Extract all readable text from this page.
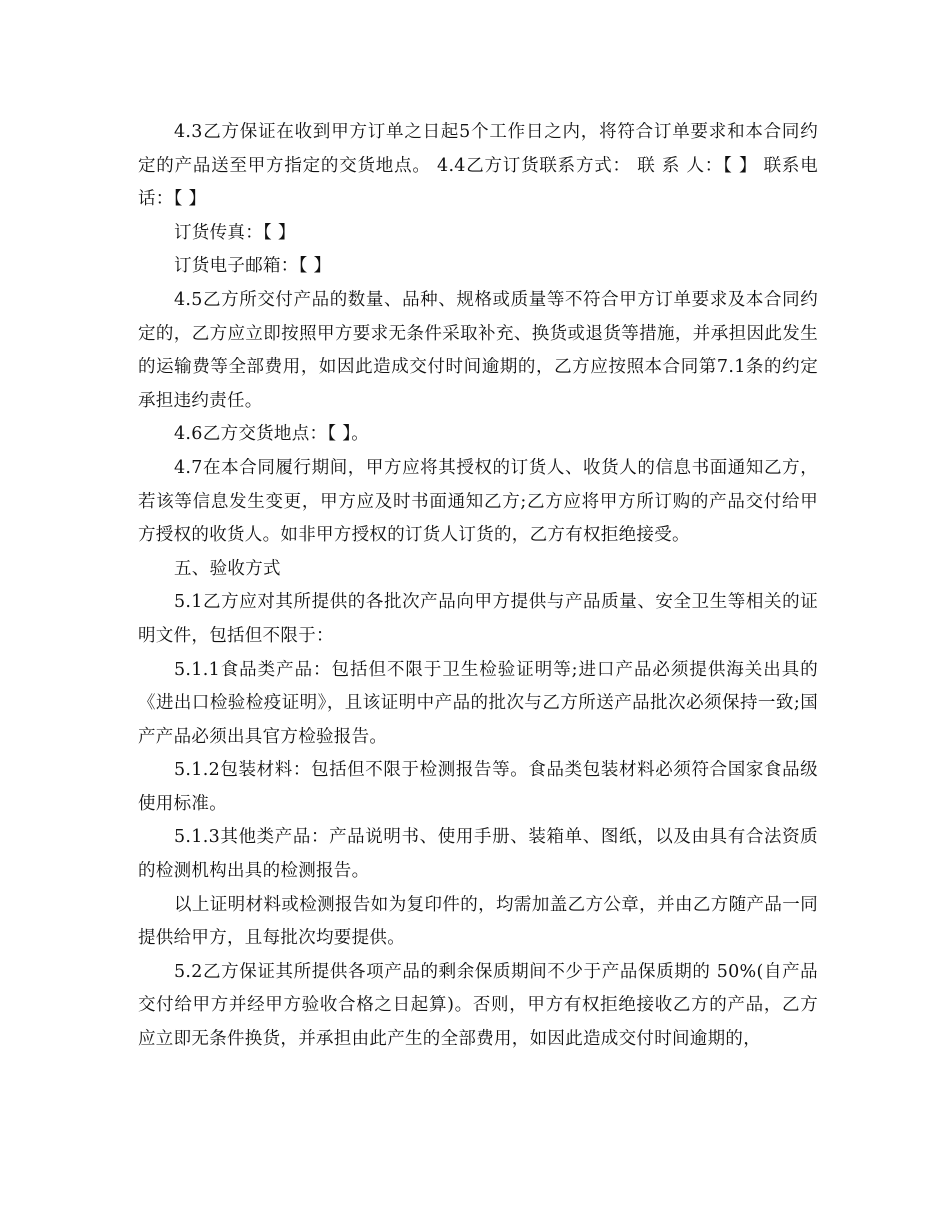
4.3乙方保证在收到甲方订单之日起5个工作日之内，将符合订单要求和本合同约定的产品送至甲方指定的交货地点。 4.4乙方订货联系方式： 联 系 人：【 】 联系电话：【 】

订货传真：【 】

订货电子邮箱：【 】

4.5乙方所交付产品的数量、品种、规格或质量等不符合甲方订单要求及本合同约定的，乙方应立即按照甲方要求无条件采取补充、换货或退货等措施，并承担因此发生的运输费等全部费用，如因此造成交付时间逾期的，乙方应按照本合同第7.1条的约定承担违约责任。

4.6乙方交货地点：【 】。

4.7在本合同履行期间，甲方应将其授权的订货人、收货人的信息书面通知乙方，若该等信息发生变更，甲方应及时书面通知乙方;乙方应将甲方所订购的产品交付给甲方授权的收货人。如非甲方授权的订货人订货的，乙方有权拒绝接受。

五、验收方式

5.1乙方应对其所提供的各批次产品向甲方提供与产品质量、安全卫生等相关的证明文件，包括但不限于：

5.1.1食品类产品：包括但不限于卫生检验证明等;进口产品必须提供海关出具的《进出口检验检疫证明》，且该证明中产品的批次与乙方所送产品批次必须保持一致;国产产品必须出具官方检验报告。

5.1.2包装材料：包括但不限于检测报告等。食品类包装材料必须符合国家食品级使用标准。

5.1.3其他类产品：产品说明书、使用手册、装箱单、图纸，以及由具有合法资质的检测机构出具的检测报告。

以上证明材料或检测报告如为复印件的，均需加盖乙方公章，并由乙方随产品一同提供给甲方，且每批次均要提供。

5.2乙方保证其所提供各项产品的剩余保质期间不少于产品保质期的 50%(自产品交付给甲方并经甲方验收合格之日起算)。否则，甲方有权拒绝接收乙方的产品，乙方应立即无条件换货，并承担由此产生的全部费用，如因此造成交付时间逾期的，
